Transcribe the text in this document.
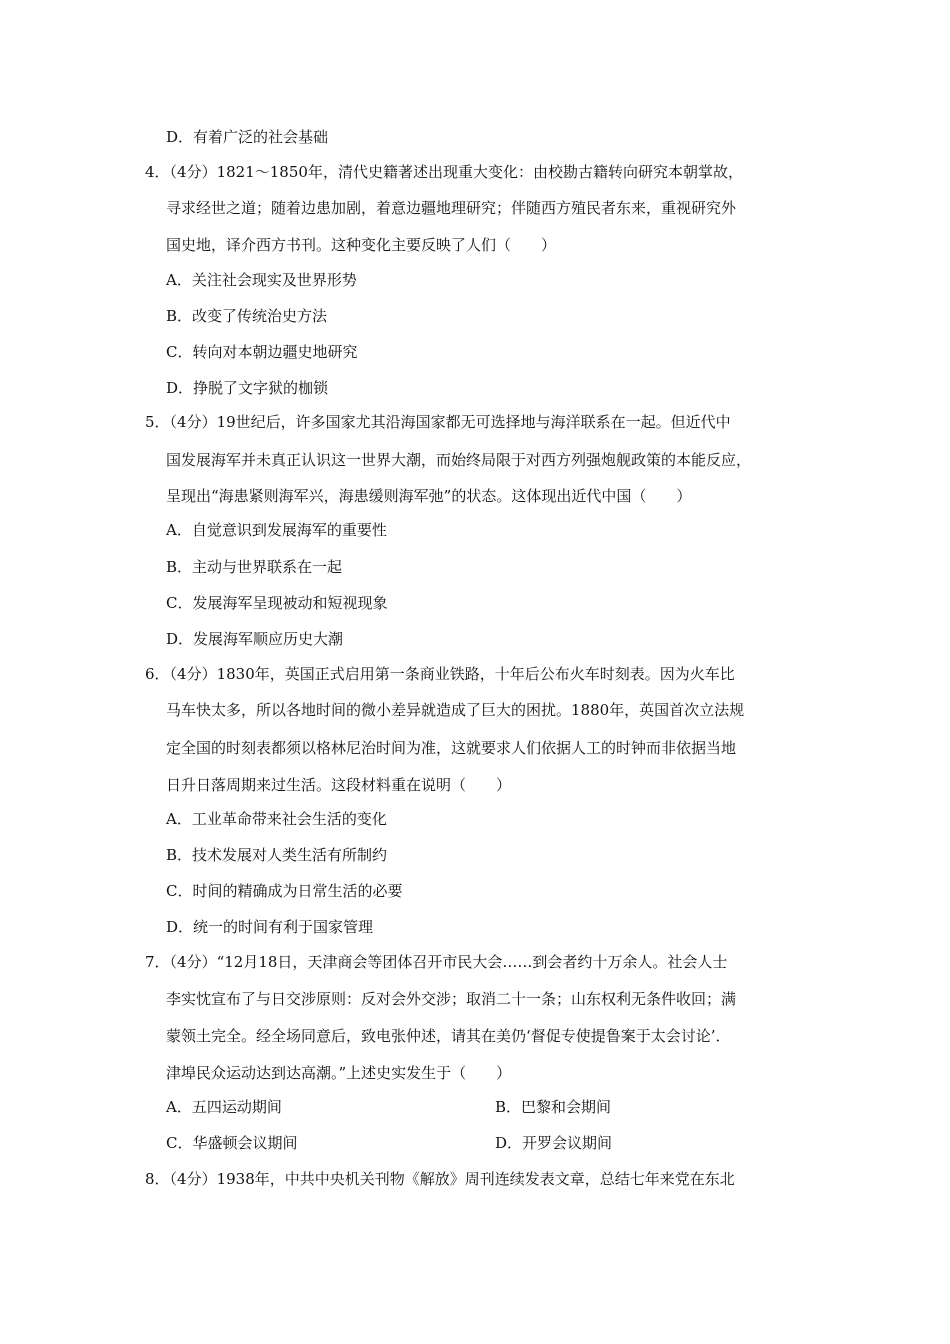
D．有着广泛的社会基础
4．（4分）1821～1850年，清代史籍著述出现重大变化：由校勘古籍转向研究本朝掌故，
寻求经世之道；随着边患加剧，着意边疆地理研究；伴随西方殖民者东来，重视研究外
国史地，译介西方书刊。这种变化主要反映了人们（　　）
A．关注社会现实及世界形势
B．改变了传统治史方法
C．转向对本朝边疆史地研究
D．挣脱了文字狱的枷锁
5．（4分）19世纪后，许多国家尤其沿海国家都无可选择地与海洋联系在一起。但近代中
国发展海军并未真正认识这一世界大潮，而始终局限于对西方列强炮舰政策的本能反应，
呈现出“海患紧则海军兴，海患缓则海军弛”的状态。这体现出近代中国（　　）
A．自觉意识到发展海军的重要性
B．主动与世界联系在一起
C．发展海军呈现被动和短视现象
D．发展海军顺应历史大潮
6．（4分）1830年，英国正式启用第一条商业铁路，十年后公布火车时刻表。因为火车比
马车快太多，所以各地时间的微小差异就造成了巨大的困扰。1880年，英国首次立法规
定全国的时刻表都须以格林尼治时间为准，这就要求人们依据人工的时钟而非依据当地
日升日落周期来过生活。这段材料重在说明（　　）
A．工业革命带来社会生活的变化
B．技术发展对人类生活有所制约
C．时间的精确成为日常生活的必要
D．统一的时间有利于国家管理
7．（4分）“12月18日，天津商会等团体召开市民大会……到会者约十万余人。社会人士
李实忱宣布了与日交涉原则：反对会外交涉；取消二十一条；山东权利无条件收回；满
蒙领土完全。经全场同意后，致电张仲述，请其在美仍‘督促专使提鲁案于太会讨论’．
津埠民众运动达到达高潮。”上述史实发生于（　　）
A．五四运动期间	B．巴黎和会期间
C．华盛顿会议期间	D．开罗会议期间
8．（4分）1938年，中共中央机关刊物《解放》周刊连续发表文章，总结七年来党在东北
